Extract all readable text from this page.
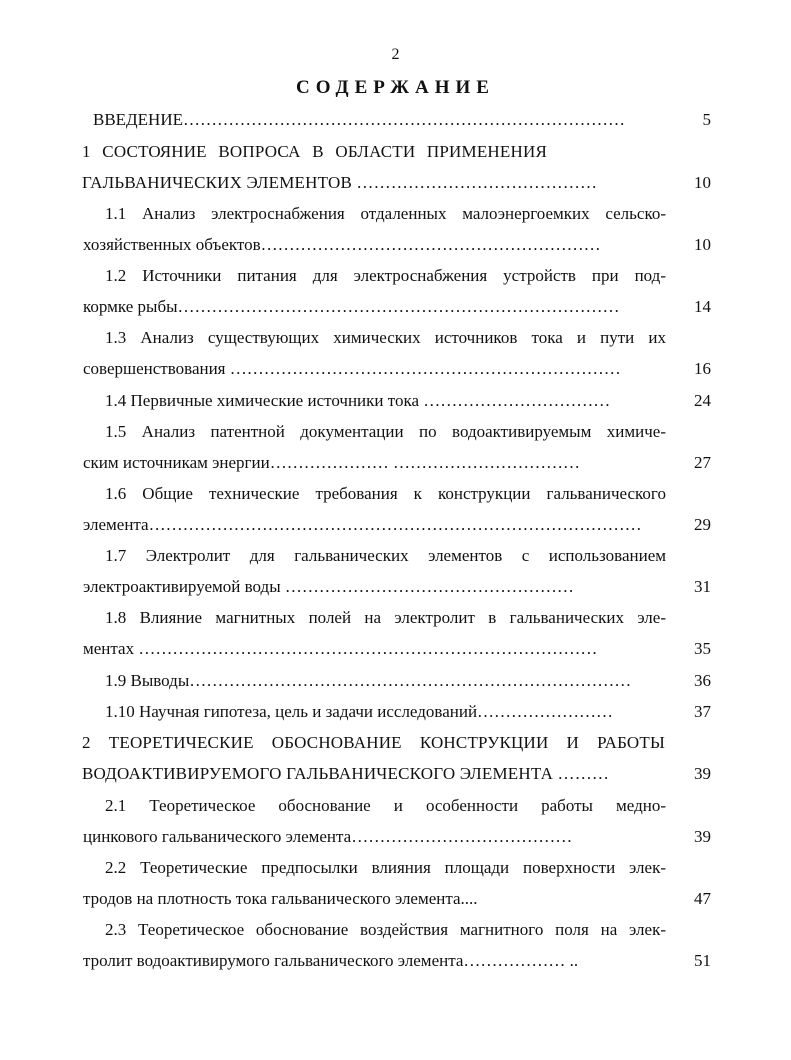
2
СОДЕРЖАНИЕ
ВВЕДЕНИЕ……………………………………………………………………	5
1 СОСТОЯНИЕ ВОПРОСА В ОБЛАСТИ ПРИМЕНЕНИЯ
ГАЛЬВАНИЧЕСКИХ ЭЛЕМЕНТОВ ……………………………………	10
1.1 Анализ электроснабжения отдаленных малоэнергоемких сельско-
хозяйственных объектов……………………………………………………	10
1.2 Источники питания для электроснабжения устройств при под-
кормке рыбы……………………………………………………………………	14
1.3 Анализ существующих химических источников тока и пути их
совершенствования ……………………………………………………………	16
1.4 Первичные химические источники тока ……………………………	24
1.5 Анализ патентной документации по водоактивируемым химиче-
ским источникам энергии………………… ……………………………	27
1.6 Общие технические требования к конструкции гальванического
элемента……………………………………………………………………………	29
1.7 Электролит для гальванических элементов с использованием
электроактивируемой воды ……………………………………………	31
1.8 Влияние магнитных полей на электролит в гальванических эле-
ментах ………………………………………………………………………	35
1.9 Выводы……………………………………………………………………	36
1.10 Научная гипотеза, цель и задачи исследований……………………	37
2 ТЕОРЕТИЧЕСКИЕ ОБОСНОВАНИЕ КОНСТРУКЦИИ И РАБОТЫ
ВОДОАКТИВИРУЕМОГО ГАЛЬВАНИЧЕСКОГО ЭЛЕМЕНТА ………	39
2.1 Теоретическое обоснование и особенности работы медно-
цинкового гальванического элемента…………………………………	39
2.2 Теоретические предпосылки влияния площади поверхности элек-
тродов на плотность тока гальванического элемента....	47
2.3 Теоретическое обоснование воздействия магнитного поля на элек-
тролит водоактивирумого гальванического элемента……………… ..	51
